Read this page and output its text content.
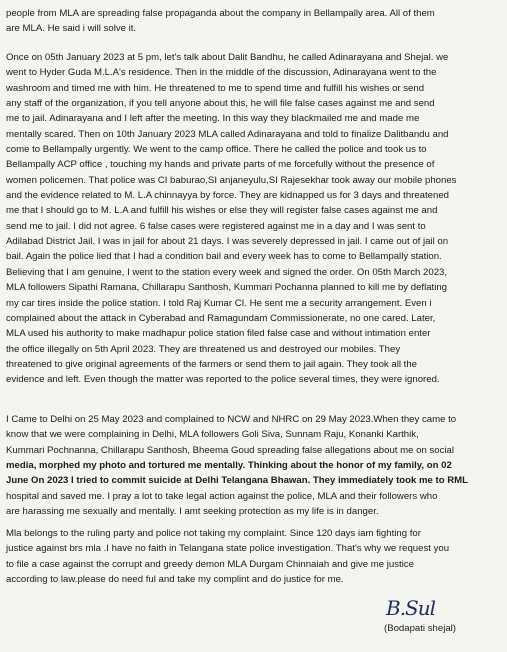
people from MLA are spreading false propaganda about the company in Bellampally area. All of them
are MLA. He said i will solve it.
Once on 05th January 2023 at 5 pm, let's talk about Dalit Bandhu, he called Adinarayana and Shejal. we
went to Hyder Guda M.L.A's residence. Then in the middle of the discussion, Adinarayana went to the
washroom and timed me with him. He threatened to me to spend time and fulfill his wishes or send
any staff of the organization, if you tell anyone about this, he will file false cases against me and send
me to jail. Adinarayana and I left after the meeting. In this way they blackmailed me and made me
mentally scared. Then on 10th January 2023 MLA called Adinarayana and told to finalize Dalitbandu and
come to Bellampally urgently. We went to the camp office. There he called the police and took us to
Bellampally ACP office , touching my hands and private parts of me forcefully without the presence of
women policemen. That police was CI baburao,SI anjaneyulu,SI Rajesekhar took away our mobile phones
and the evidence related to M. L.A chinnayya by force. They are kidnapped us for 3 days and threatened
me that I should go to M. L.A and fulfill his wishes or else they will register false cases against me and
send me to jail. I did not agree. 6 false cases were registered against me in a day and I was sent to
Adilabad District Jail. I was in jail for about 21 days. I was severely depressed in jail. I came out of jail on
bail. Again the police lied that I had a condition bail and every week has to come to Bellampally station.
Believing that I am genuine, I went to the station every week and signed the order. On 05th March 2023,
MLA followers Sipathi Ramana, Chillarapu Santhosh, Kummari Pochanna planned to kill me by deflating
my car tires inside the police station. I told Raj Kumar CI. He sent me a security arrangement. Even i
complained about the attack in Cyberabad and Ramagundam Commissionerate, no one cared. Later,
MLA used his authority to make madhapur police station filed false case and without intimation enter
the office illegally on 5th April 2023. They are threatened us and destroyed our mobiles. They
threatened to give original agreements of the farmers or send them to jail again. They took all the
evidence and left. Even though the matter was reported to the police several times, they were ignored.
I Came to Delhi on 25 May 2023 and complained to NCW and NHRC on 29 May 2023.When they came to
know that we were complaining in Delhi, MLA followers Goli Siva, Sunnam Raju, Konanki Karthik,
Kummari Pochnanna, Chillarapu Santhosh, Bheema Goud spreading false allegations about me on social
media, morphed my photo and tortured me mentally. Thinking about the honor of my family, on 02
June On 2023 I tried to commit suicide at Delhi Telangana Bhawan. They immediately took me to RML
hospital and saved me. I pray a lot to take legal action against the police, MLA and their followers who
are harassing me sexually and mentally. I amt seeking protection as my life is in danger.
Mla belongs to the ruling party and police not taking my complaint. Since 120 days iam fighting for
justice against brs mla .I have no faith in Telangana state police investigation. That's why we request you
to file a case against the corrupt and greedy demon MLA Durgam Chinnaiah and give me justice
according to law.please do need ful and take my complint and do justice for me.
B.Sul
(Bodapati shejal)
